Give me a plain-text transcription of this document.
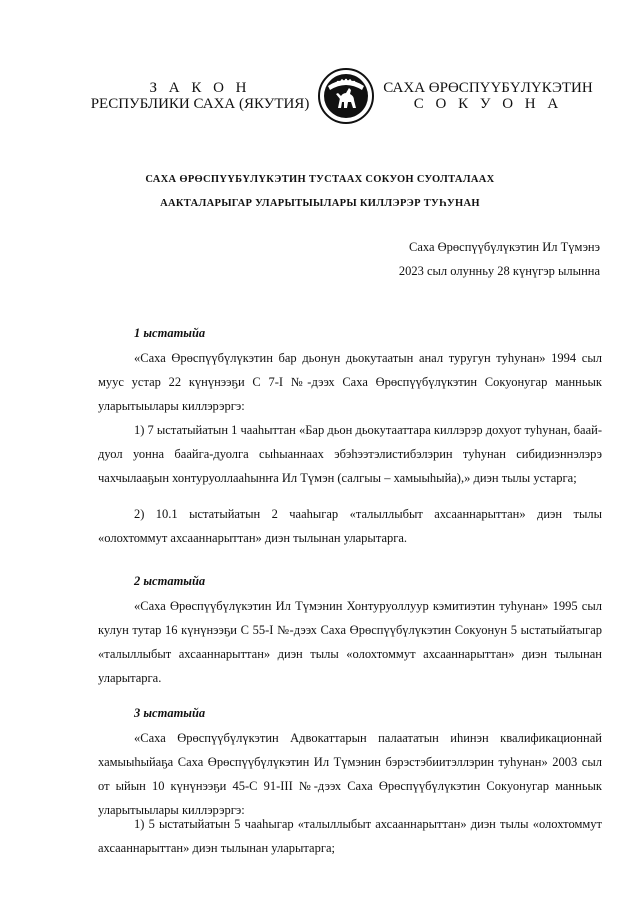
З А К О Н
РЕСПУБЛИКИ САХА (ЯКУТИЯ)
САХА ӨРӨСПҮҮБҮЛҮКЭТИН
С О К У О Н А
САХА ӨРӨСПҮҮБҮЛҮКЭТИН ТУСТААХ СОКУОН СУОЛТАЛААХ
ААКТАЛАРЫГАР УЛАРЫТЫЫЛАРЫ КИЛЛЭРЭР ТУҺУНАН
Саха Өрөспүүбүлүкэтин Ил Түмэнэ
2023 сыл олунньу 28 күнүгэр ылынна
1 ыстатыйа

«Саха Өрөспүүбүлүкэтин бар дьонун дьокутаатын анал туругун туһунан» 1994 сыл муус устар 22 күнүнээҕи С 7-I №-дээх Саха Өрөспүүбүлүкэтин Сокуонугар манньык уларытыылары киллэрэргэ:

1) 7 ыстатыйатын 1 чааһыттан «Бар дьон дьокутааттара киллэрэр дохуот туһунан, баай-дуол уонна баайга-дуолга сыһыаннаах эбэһээтэлистибэлэрин туһунан сибидиэннэлэрэ чахчылааҕын хонтуруоллааһынҥа Ил Түмэн (салгыы – хамыыһыйа),» диэн тылы устарга;

2) 10.1 ыстатыйатын 2 чааһыгар «талыллыбыт ахсааннарыттан» диэн тылы «олохтоммут ахсааннарыттан» диэн тылынан уларытарга.

2 ыстатыйа

«Саха Өрөспүүбүлүкэтин Ил Түмэнин Хонтуруоллуур кэмитиэтин туһунан» 1995 сыл кулун тутар 16 күнүнээҕи С 55-I №-дээх Саха Өрөспүүбүлүкэтин Сокуонун 5 ыстатыйатыгар «талыллыбыт ахсааннарыттан» диэн тылы «олохтоммут ахсааннарыттан» диэн тылынан уларытарга.

3 ыстатыйа

«Саха Өрөспүүбүлүкэтин Адвокаттарын палаататын иһинэн квалификационнай хамыыһыйаҕа Саха Өрөспүүбүлүкэтин Ил Түмэнин бэрэстэбиитэллэрин туһунан» 2003 сыл от ыйын 10 күнүнээҕи 45-С 91-III №-дээх Саха Өрөспүүбүлүкэтин Сокуонугар манньык уларытыылары киллэрэргэ:

1) 5 ыстатыйатын 5 чааһыгар «талыллыбыт ахсааннарыттан» диэн тылы «олохтоммут ахсааннарыттан» диэн тылынан уларытарга;
